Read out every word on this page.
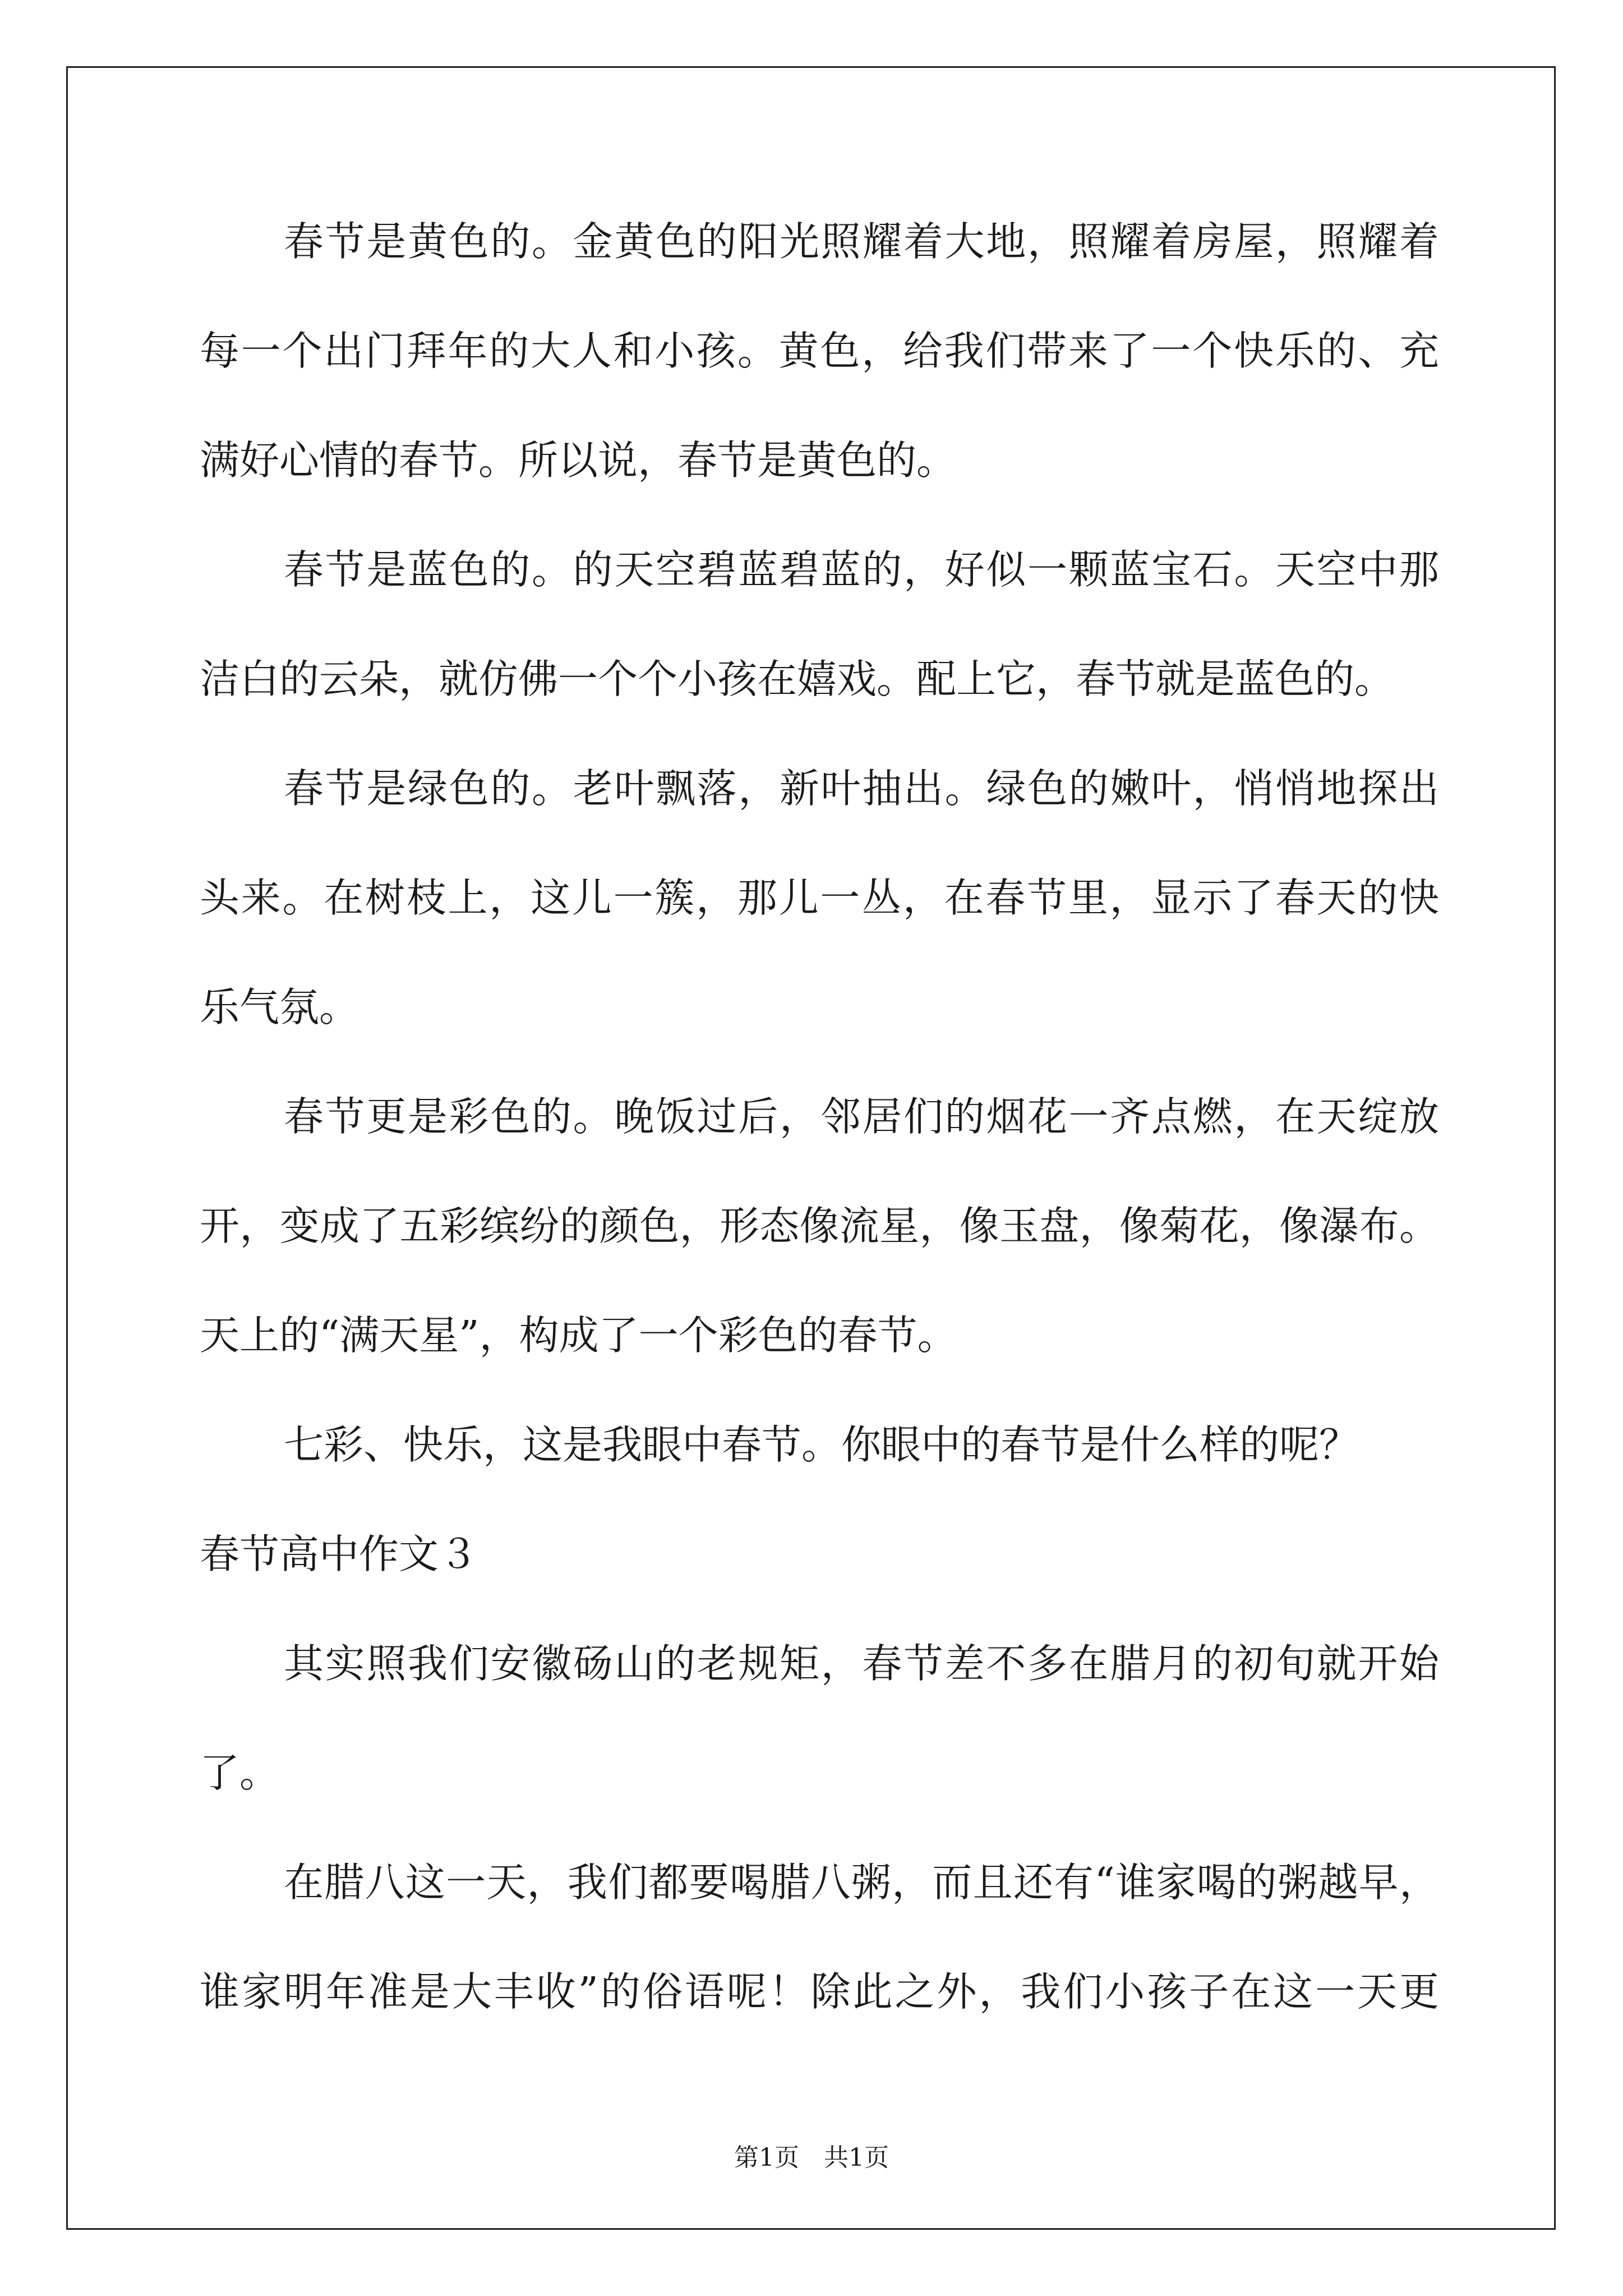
春节是黄色的。金黄色的阳光照耀着大地，照耀着房屋，照耀着
每一个出门拜年的大人和小孩。黄色，给我们带来了一个快乐的、充
满好心情的春节。所以说，春节是黄色的。
春节是蓝色的。的天空碧蓝碧蓝的，好似一颗蓝宝石。天空中那
洁白的云朵，就仿佛一个个小孩在嬉戏。配上它，春节就是蓝色的。
春节是绿色的。老叶飘落，新叶抽出。绿色的嫩叶，悄悄地探出
头来。在树枝上，这儿一簇，那儿一丛，在春节里，显示了春天的快
乐气氛。
春节更是彩色的。晚饭过后，邻居们的烟花一齐点燃，在天绽放
开，变成了五彩缤纷的颜色，形态像流星，像玉盘，像菊花，像瀑布。
天上的“满天星”，构成了一个彩色的春节。
七彩、快乐，这是我眼中春节。你眼中的春节是什么样的呢？
春节高中作文３
其实照我们安徽砀山的老规矩，春节差不多在腊月的初旬就开始
了。
在腊八这一天，我们都要喝腊八粥，而且还有“谁家喝的粥越早，
谁家明年准是大丰收”的俗语呢！除此之外，我们小孩子在这一天更
第1页　共1页
